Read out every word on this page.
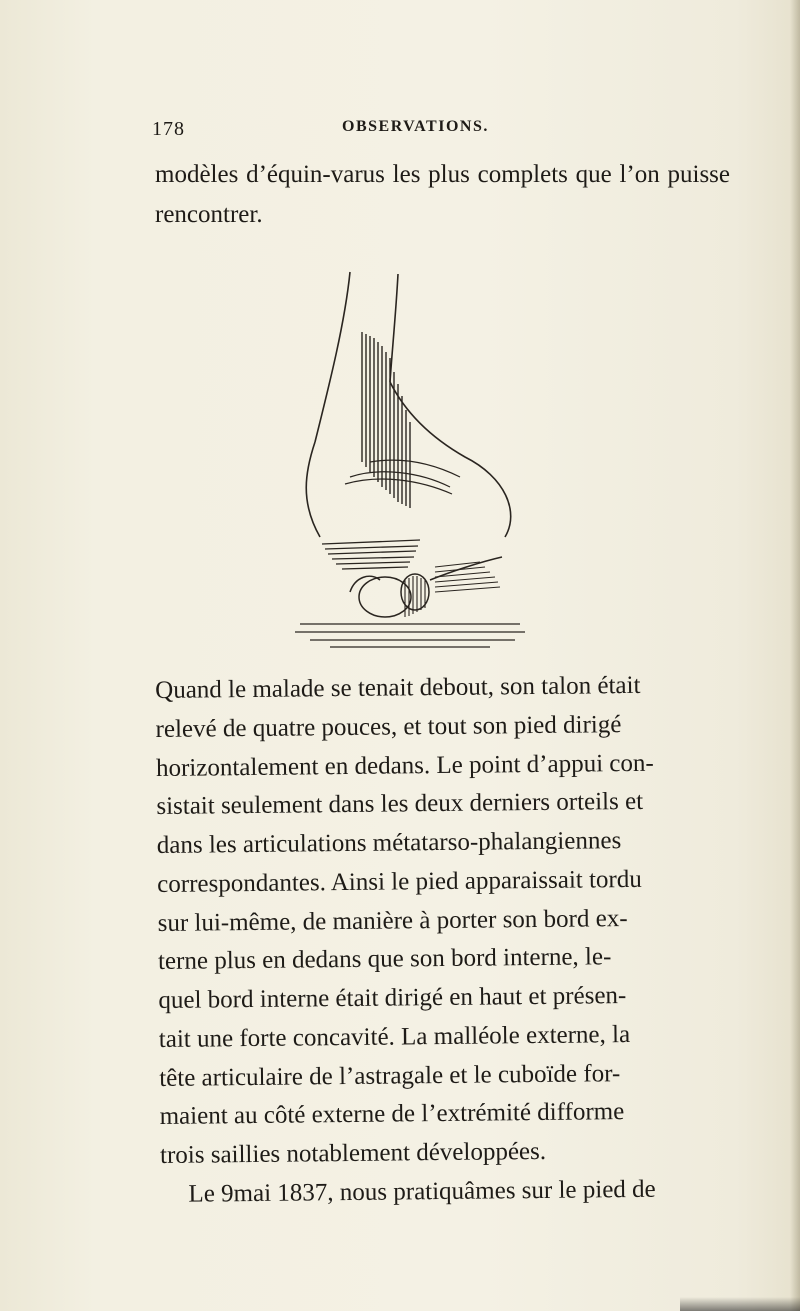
178	OBSERVATIONS.
modèles d’équin-varus les plus complets que l’on puisse rencontrer.
Quand le malade se tenait debout, son talon était
relevé de quatre pouces, et tout son pied dirigé
horizontalement en dedans. Le point d’appui con-
sistait seulement dans les deux derniers orteils et
dans les articulations métatarso-phalangiennes
correspondantes. Ainsi le pied apparaissait tordu
sur lui-même, de manière à porter son bord ex-
terne plus en dedans que son bord interne, le-
quel bord interne était dirigé en haut et présen-
tait une forte concavité. La malléole externe, la
tête articulaire de l’astragale et le cuboïde for-
maient au côté externe de l’extrémité difforme
trois saillies notablement développées.
Le 9mai 1837, nous pratiquâmes sur le pied de
